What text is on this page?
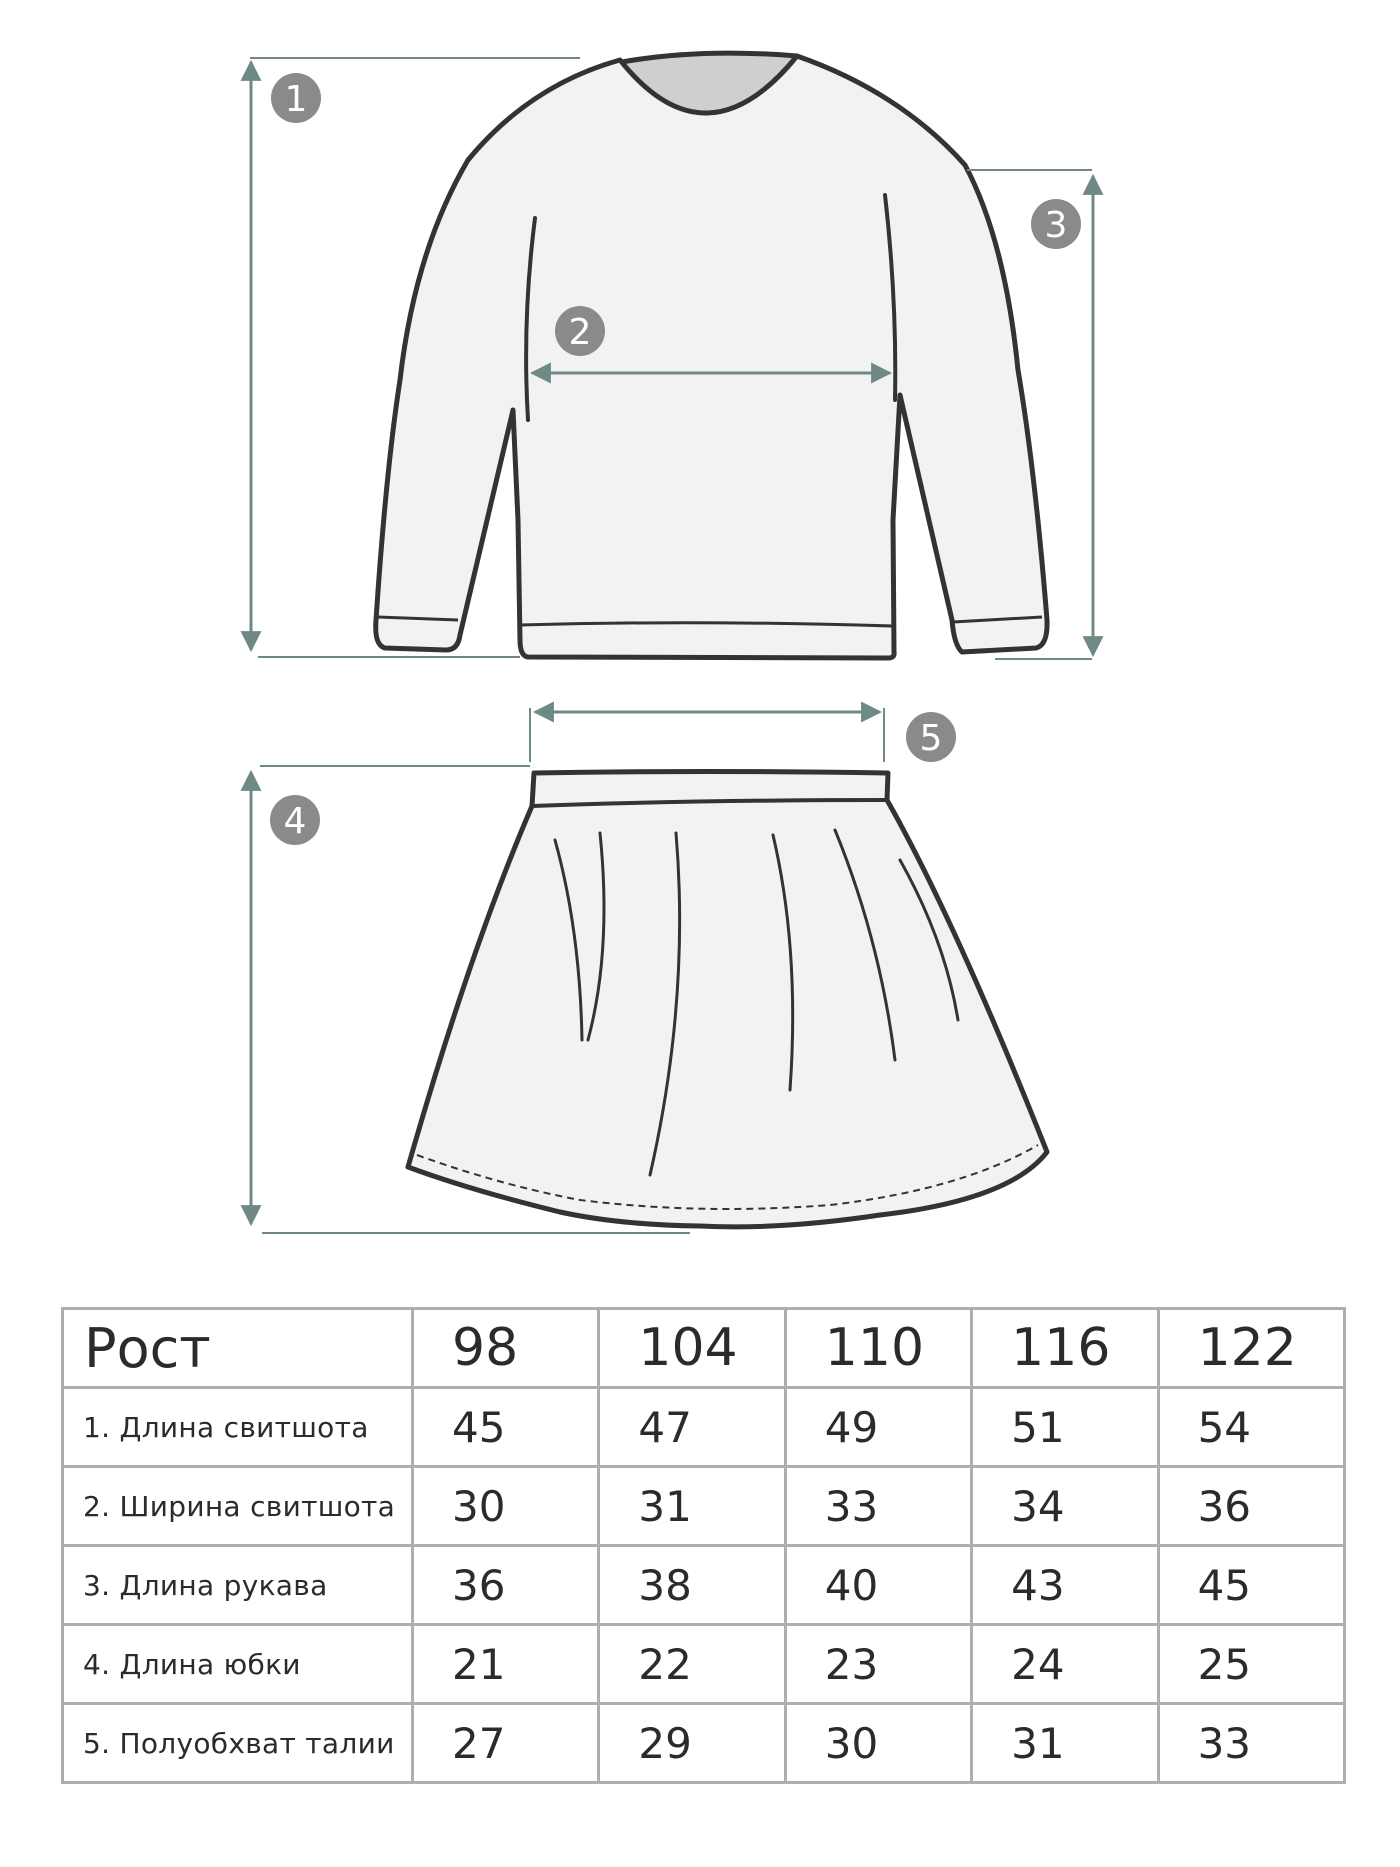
1
2
3
4
5
Рост	98	104	110	116	122
1. Длина свитшота	45	47	49	51	54
2. Ширина свитшота	30	31	33	34	36
3. Длина рукава	36	38	40	43	45
4. Длина юбки	21	22	23	24	25
5. Полуобхват талии	27	29	30	31	33
